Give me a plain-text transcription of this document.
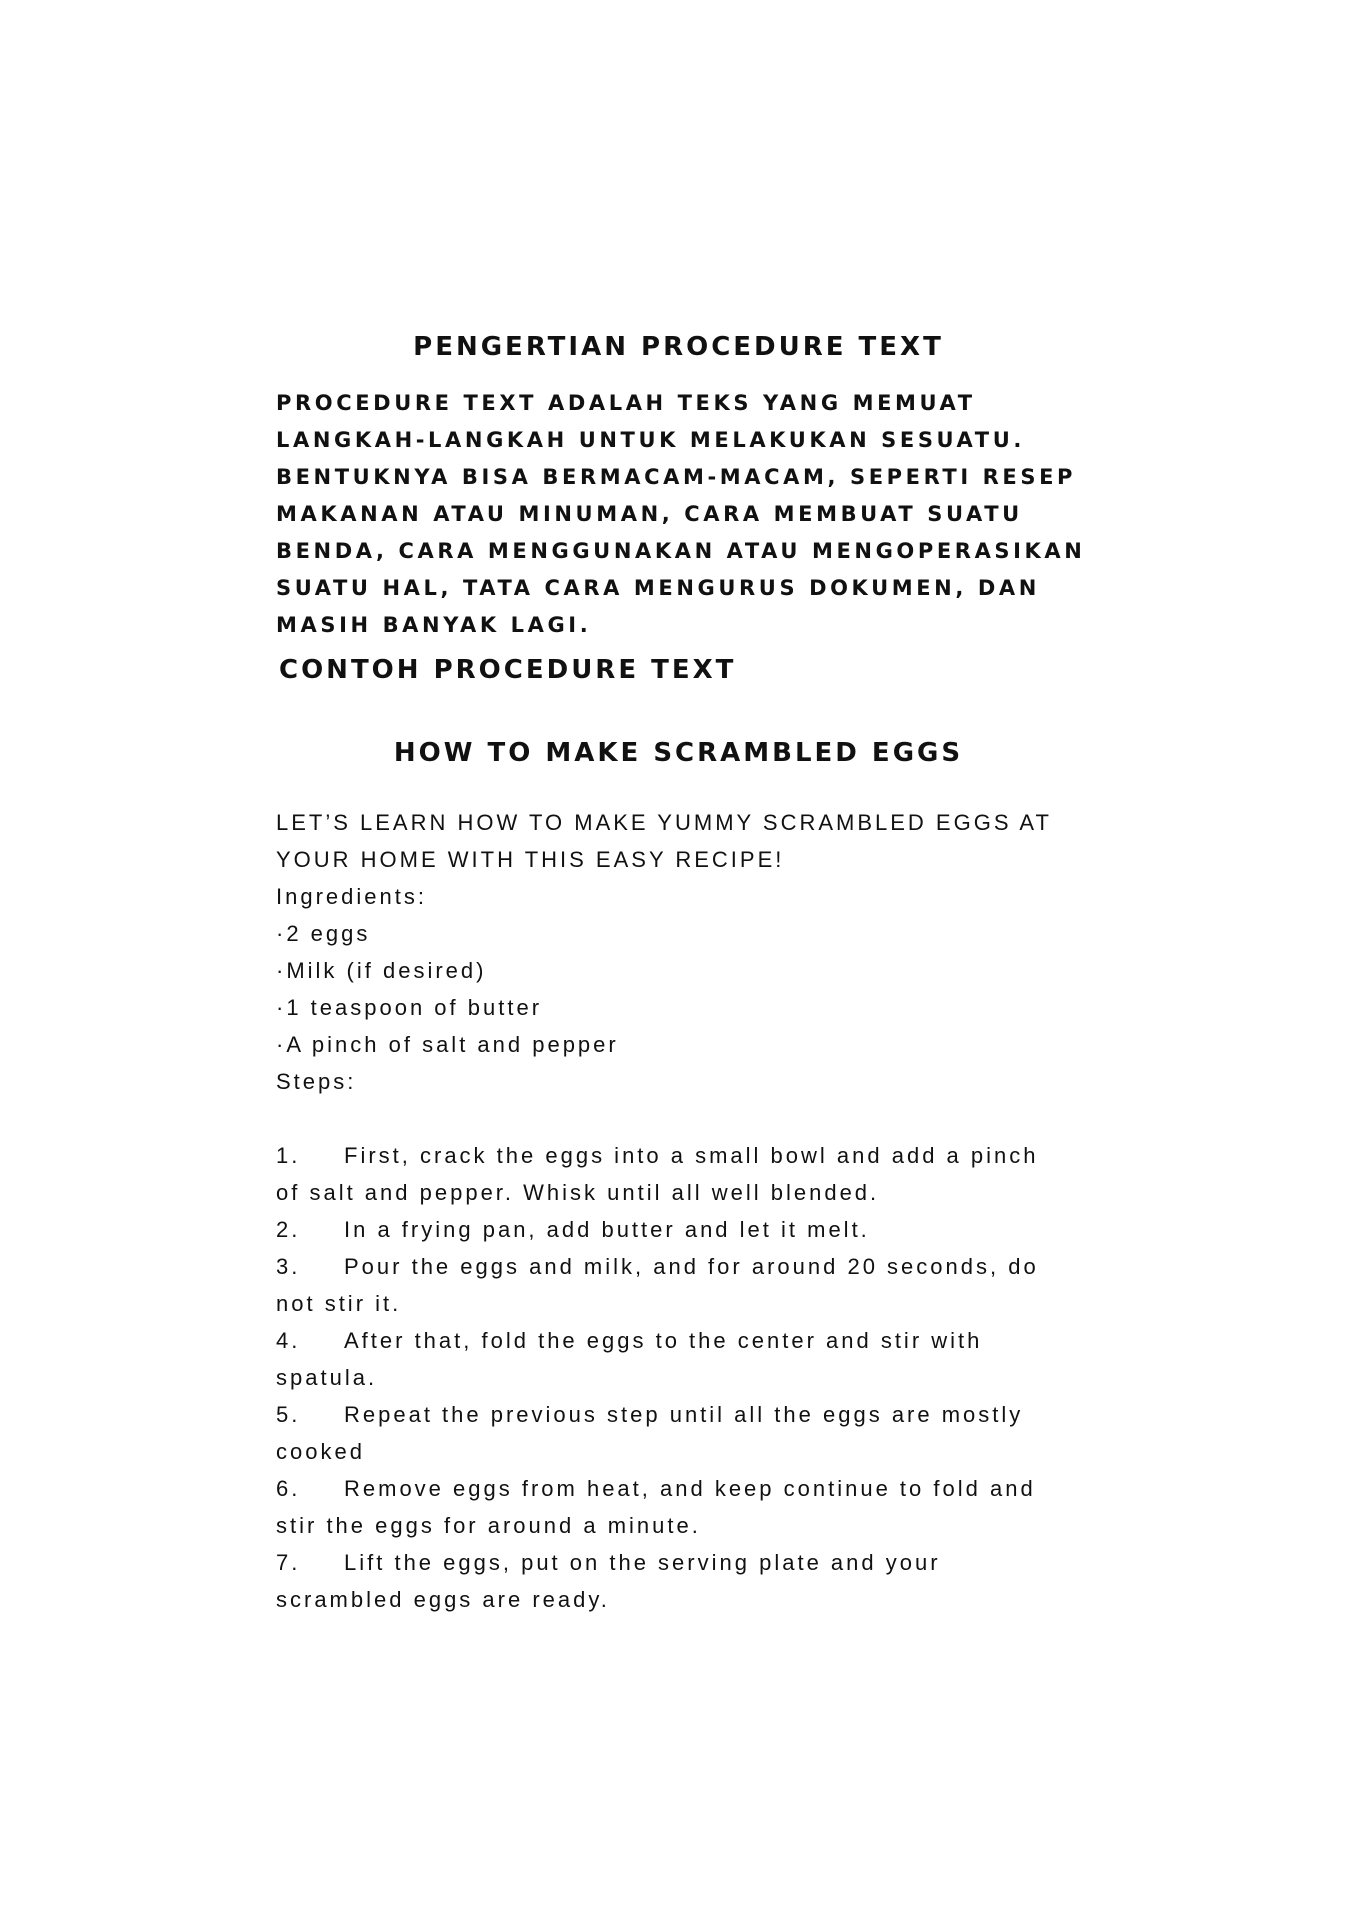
PENGERTIAN PROCEDURE TEXT
PROCEDURE TEXT ADALAH TEKS YANG MEMUAT
LANGKAH-LANGKAH UNTUK MELAKUKAN SESUATU.
BENTUKNYA BISA BERMACAM-MACAM, SEPERTI RESEP
MAKANAN ATAU MINUMAN, CARA MEMBUAT SUATU
BENDA, CARA MENGGUNAKAN ATAU MENGOPERASIKAN
SUATU HAL, TATA CARA MENGURUS DOKUMEN, DAN
MASIH BANYAK LAGI.
CONTOH PROCEDURE TEXT
HOW TO MAKE SCRAMBLED EGGS
LET’S LEARN HOW TO MAKE YUMMY SCRAMBLED EGGS AT
YOUR HOME WITH THIS EASY RECIPE!
Ingredients:
·2 eggs
·Milk (if desired)
·1 teaspoon of butter
·A pinch of salt and pepper
Steps:
1. First, crack the eggs into a small bowl and add a pinch
of salt and pepper. Whisk until all well blended.
2. In a frying pan, add butter and let it melt.
3. Pour the eggs and milk, and for around 20 seconds, do
not stir it.
4. After that, fold the eggs to the center and stir with
spatula.
5. Repeat the previous step until all the eggs are mostly
cooked
6. Remove eggs from heat, and keep continue to fold and
stir the eggs for around a minute.
7. Lift the eggs, put on the serving plate and your
scrambled eggs are ready.
